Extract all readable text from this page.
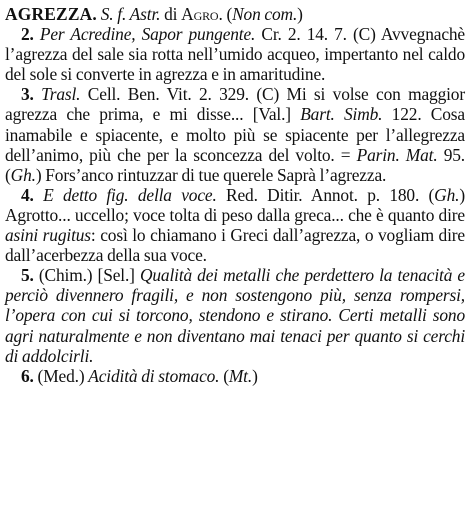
AGREZZA. S. f. Astr. di Agro. (Non com.)

2. Per Acredine, Sapor pungente. Cr. 2. 14. 7. (C) Avvegnachè l’agrezza del sale sia rotta nell’umido acqueo, impertanto nel caldo del sole si converte in agrezza e in amaritudine.

3. Trasl. Cell. Ben. Vit. 2. 329. (C) Mi si volse con maggior agrezza che prima, e mi disse... [Val.] Bart. Simb. 122. Cosa inamabile e spiacente, e molto più se spiacente per l’allegrezza dell’animo, più che per la sconcezza del volto. = Parin. Mat. 95. (Gh.) Fors’anco rintuzzar di tue querele Saprà l’agrezza.

4. E detto fig. della voce. Red. Ditir. Annot. p. 180. (Gh.) Agrotto... uccello; voce tolta di peso dalla greca... che è quanto dire asini rugitus: così lo chiamano i Greci dall’agrezza, o vogliam dire dall’acerbezza della sua voce.

5. (Chim.) [Sel.] Qualità dei metalli che perdettero la tenacità e perciò divennero fragili, e non sostengono più, senza rompersi, l’opera con cui si torcono, stendono e stirano. Certi metalli sono agri naturalmente e non diventano mai tenaci per quanto si cerchi di addolcirli.

6. (Med.) Acidità di stomaco. (Mt.)
